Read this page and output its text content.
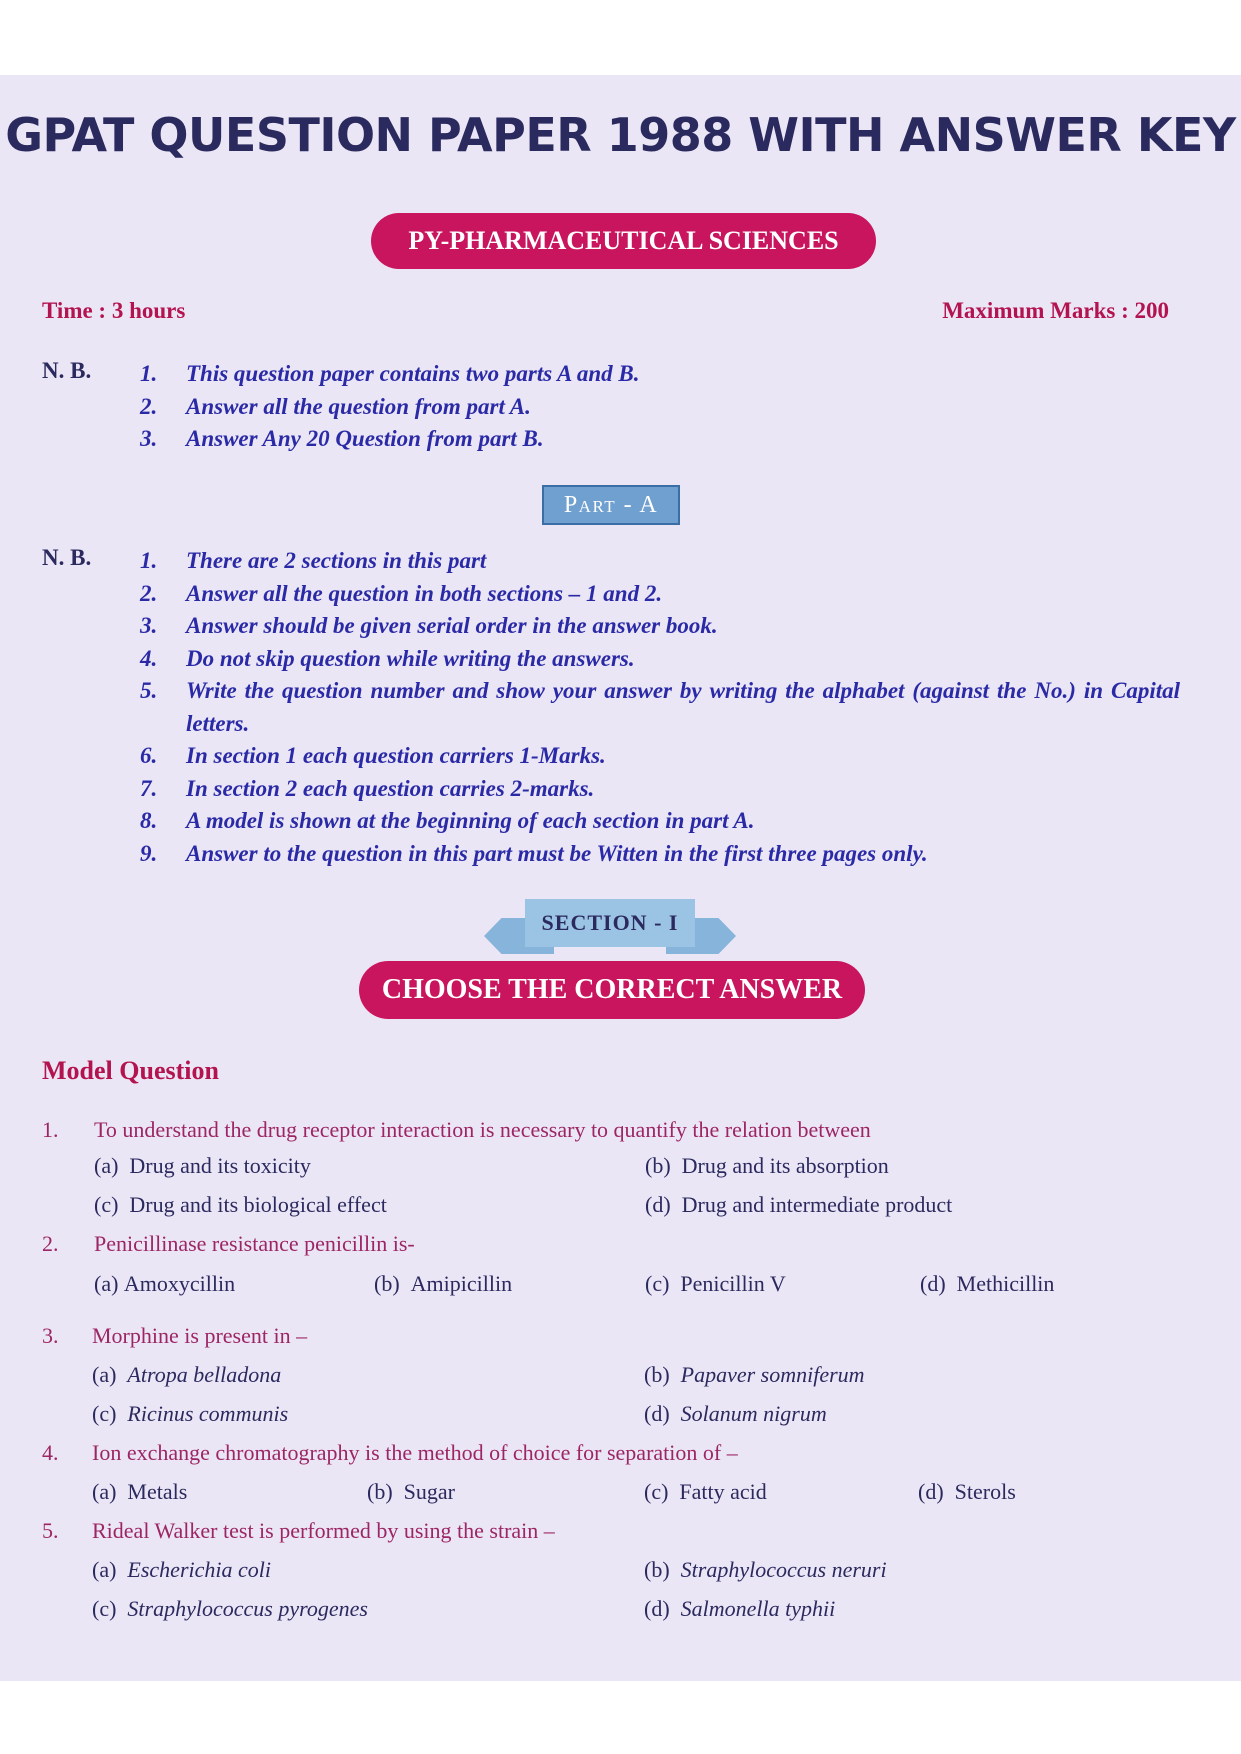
GPAT QUESTION PAPER 1988 WITH ANSWER KEY
PY-PHARMACEUTICAL SCIENCES
Time : 3 hours	Maximum Marks : 200
N. B. 1.	This question paper contains two parts A and B.
2.	Answer all the question from part A.
3.	Answer Any 20 Question from part B.
Part - A
N. B. 1.	There are 2 sections in this part
2.	Answer all the question in both sections – 1 and 2.
3.	Answer should be given serial order in the answer book.
4.	Do not skip question while writing the answers.
5.	Write the question number and show your answer by writing the alphabet (against the No.) in Capital letters.
6.	In section 1 each question carriers 1-Marks.
7.	In section 2 each question carries 2-marks.
8.	A model is shown at the beginning of each section in part A.
9.	Answer to the question in this part must be Witten in the first three pages only.
SECTION - I
CHOOSE THE CORRECT ANSWER
Model Question
1. To understand the drug receptor interaction is necessary to quantify the relation between
(a) Drug and its toxicity	(b) Drug and its absorption
(c) Drug and its biological effect	(d) Drug and intermediate product
2. Penicillinase resistance penicillin is-
(a) Amoxycillin	(b) Amipicillin	(c) Penicillin V	(d) Methicillin
3. Morphine is present in –
(a) Atropa belladona	(b) Papaver somniferum
(c) Ricinus communis	(d) Solanum nigrum
4. Ion exchange chromatography is the method of choice for separation of –
(a) Metals	(b) Sugar	(c) Fatty acid	(d) Sterols
5. Rideal Walker test is performed by using the strain –
(a) Escherichia coli	(b) Straphylococcus neruri
(c) Straphylococcus pyrogenes	(d) Salmonella typhii
